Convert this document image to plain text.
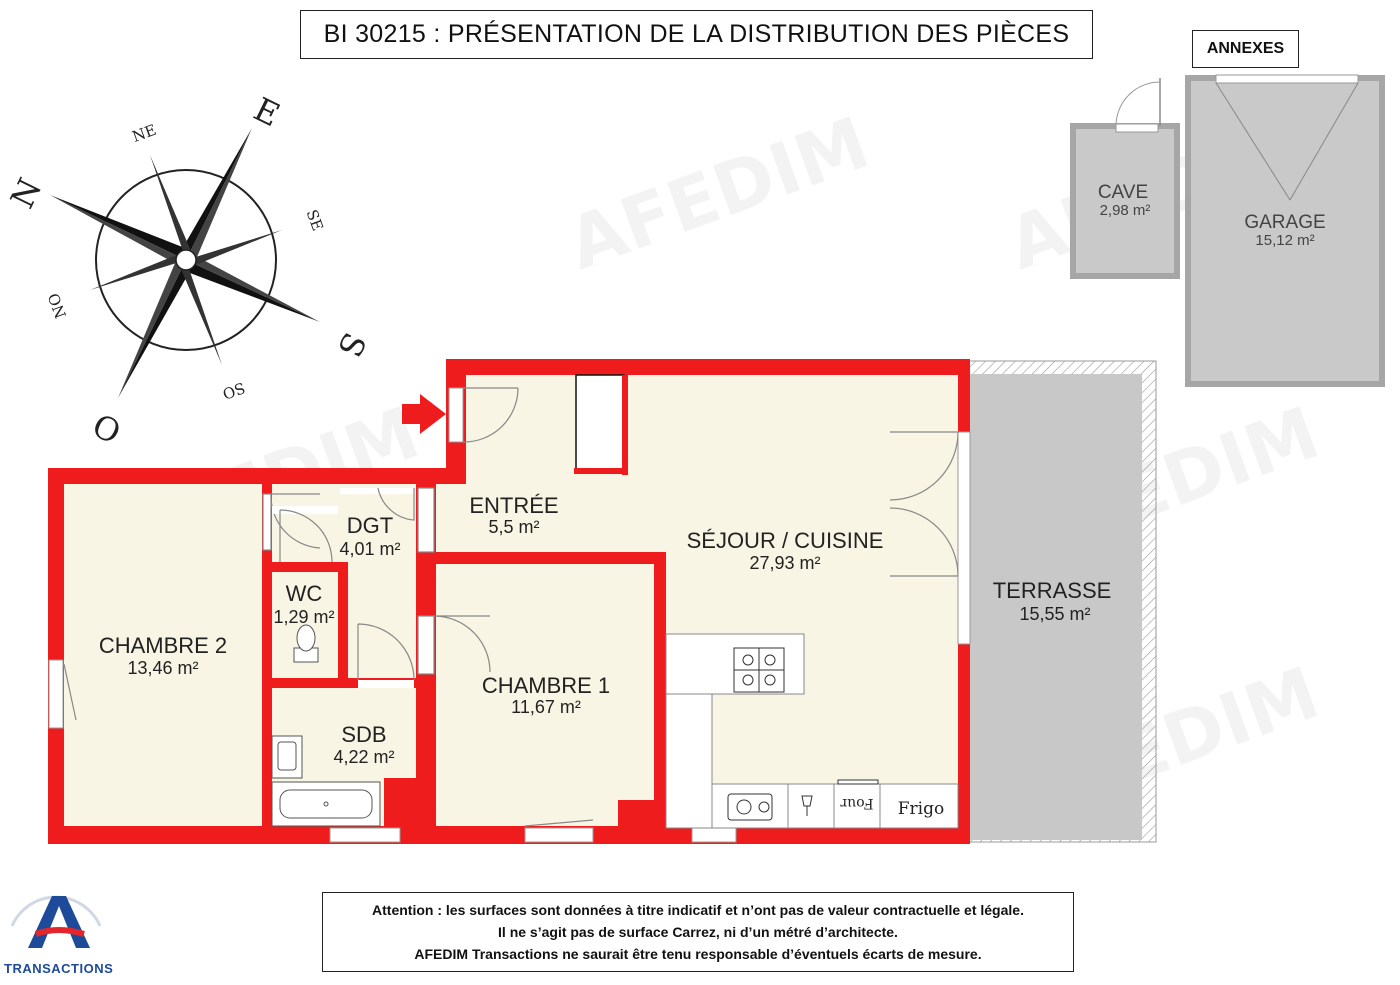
BI 30215 : PRÉSENTATION DE LA DISTRIBUTION DES PIÈCES
ANNEXES
N
E
S
O
NE
SE
SO
NO
CAVE
2,98 m²
GARAGE
15,12 m²
Four Frigo
ENTRÉE
5,5 m²
DGT
4,01 m²
WC
1,29 m²
CHAMBRE 2
13,46 m²
SDB
4,22 m²
CHAMBRE 1
11,67 m²
SÉJOUR / CUISINE
27,93 m²
TERRASSE
15,55 m²
TRANSACTIONS
Attention : les surfaces sont données à titre indicatif et n’ont pas de valeur contractuelle et légale.
Il ne s’agit pas de surface Carrez, ni d’un métré d’architecte.
AFEDIM Transactions ne saurait être tenu responsable d’éventuels écarts de mesure.
